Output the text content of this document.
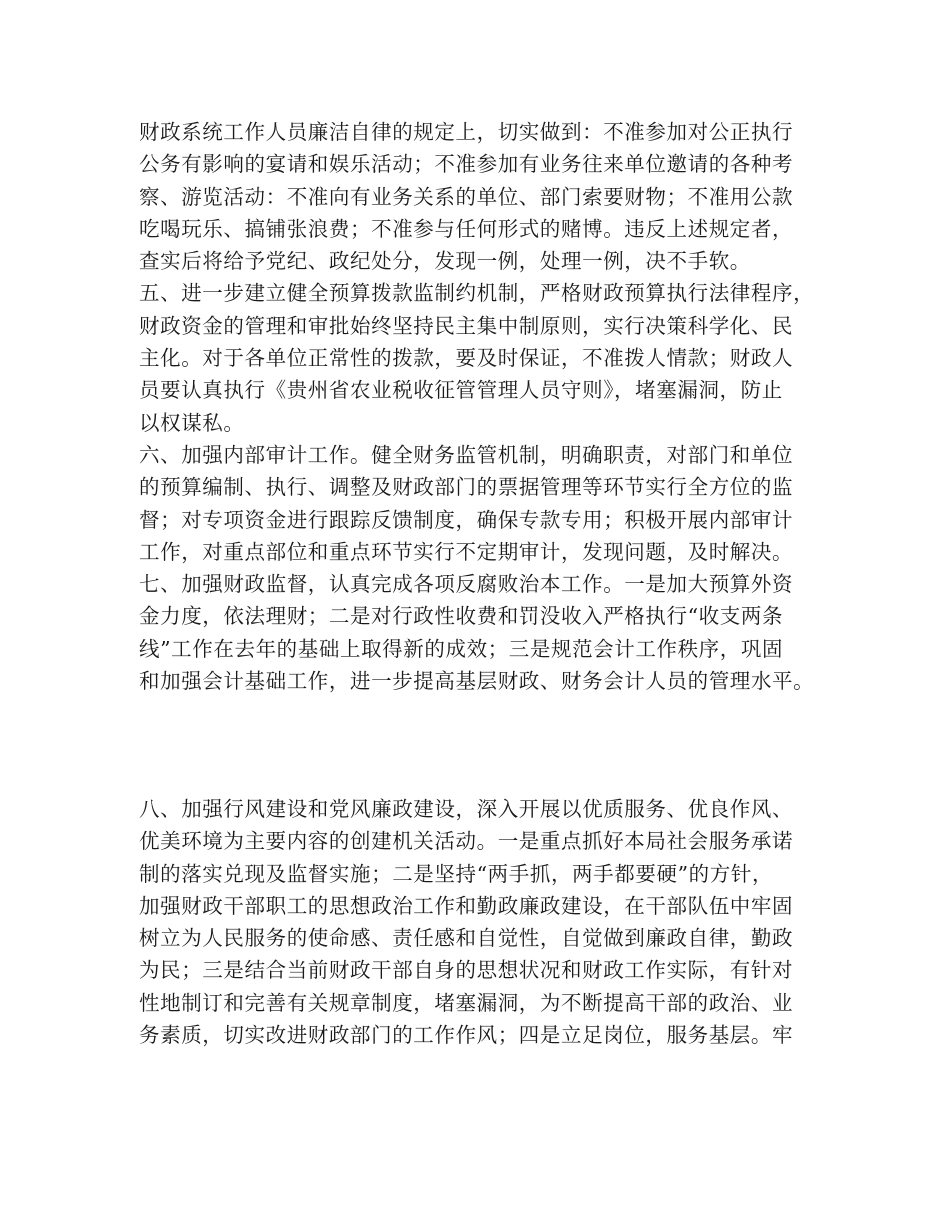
财政系统工作人员廉洁自律的规定上，切实做到：不准参加对公正执行
公务有影响的宴请和娱乐活动；不准参加有业务往来单位邀请的各种考
察、游览活动：不准向有业务关系的单位、部门索要财物；不准用公款
吃喝玩乐、搞铺张浪费；不准参与任何形式的赌博。违反上述规定者，
查实后将给予党纪、政纪处分，发现一例，处理一例，决不手软。
五、进一步建立健全预算拨款监制约机制，严格财政预算执行法律程序，
财政资金的管理和审批始终坚持民主集中制原则，实行决策科学化、民
主化。对于各单位正常性的拨款，要及时保证，不准拨人情款；财政人
员要认真执行《贵州省农业税收征管管理人员守则》，堵塞漏洞，防止
以权谋私。
六、加强内部审计工作。健全财务监管机制，明确职责，对部门和单位
的预算编制、执行、调整及财政部门的票据管理等环节实行全方位的监
督；对专项资金进行跟踪反馈制度，确保专款专用；积极开展内部审计
工作，对重点部位和重点环节实行不定期审计，发现问题，及时解决。
七、加强财政监督，认真完成各项反腐败治本工作。一是加大预算外资
金力度，依法理财；二是对行政性收费和罚没收入严格执行“收支两条
线”工作在去年的基础上取得新的成效；三是规范会计工作秩序，巩固
和加强会计基础工作，进一步提高基层财政、财务会计人员的管理水平。
八、加强行风建设和党风廉政建设，深入开展以优质服务、优良作风、
优美环境为主要内容的创建机关活动。一是重点抓好本局社会服务承诺
制的落实兑现及监督实施；二是坚持“两手抓，两手都要硬”的方针，
加强财政干部职工的思想政治工作和勤政廉政建设，在干部队伍中牢固
树立为人民服务的使命感、责任感和自觉性，自觉做到廉政自律，勤政
为民；三是结合当前财政干部自身的思想状况和财政工作实际，有针对
性地制订和完善有关规章制度，堵塞漏洞，为不断提高干部的政治、业
务素质，切实改进财政部门的工作作风；四是立足岗位，服务基层。牢
